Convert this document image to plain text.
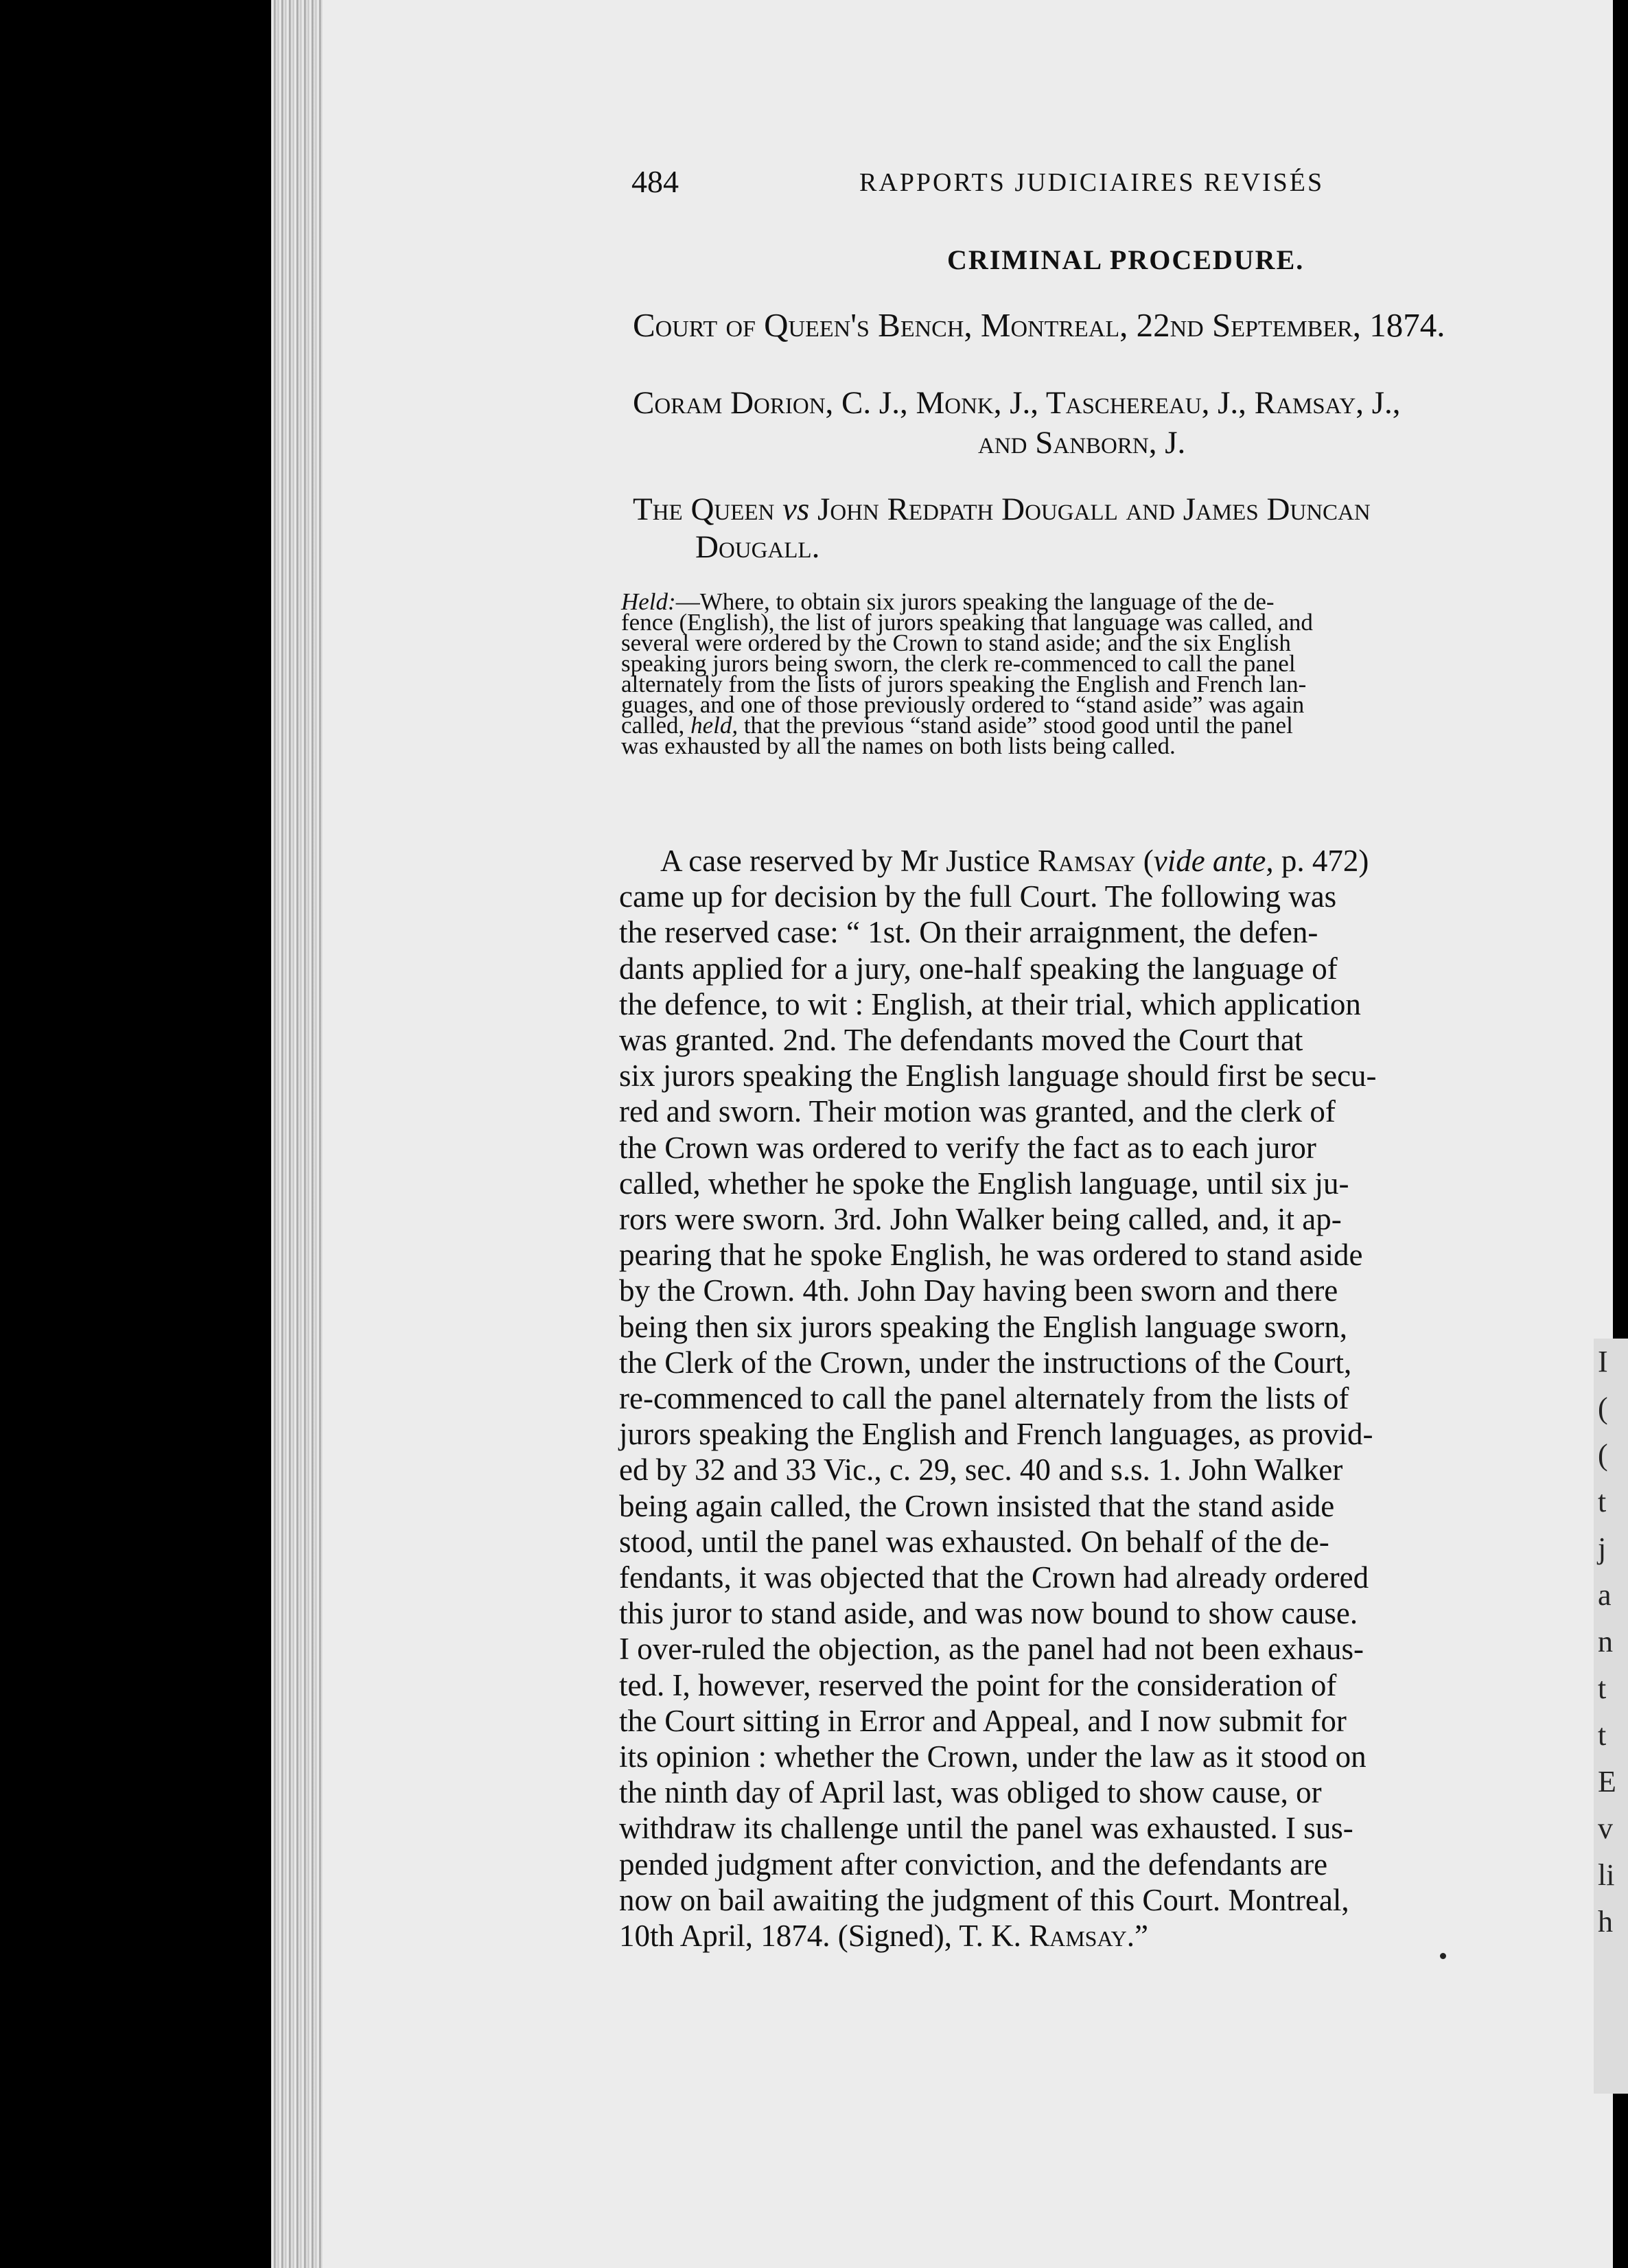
I
(
(
t
j
a
n
t
t
E
v
li
h
484	RAPPORTS JUDICIAIRES REVISÉS
CRIMINAL PROCEDURE.
Court of Queen's Bench, Montreal, 22nd September, 1874.
Coram Dorion, C. J., Monk, J., Taschereau, J., Ramsay, J.,
and Sanborn, J.
The Queen vs John Redpath Dougall and James Duncan
Dougall.
Held:—Where, to obtain six jurors speaking the language of the de-
fence (English), the list of jurors speaking that language was called, and
several were ordered by the Crown to stand aside; and the six English
speaking jurors being sworn, the clerk re-commenced to call the panel
alternately from the lists of jurors speaking the English and French lan-
guages, and one of those previously ordered to “stand aside” was again
called, held, that the previous “stand aside” stood good until the panel
was exhausted by all the names on both lists being called.
A case reserved by Mr Justice Ramsay (vide ante, p. 472)
came up for decision by the full Court. The following was
the reserved case: “ 1st. On their arraignment, the defen-
dants applied for a jury, one-half speaking the language of
the defence, to wit : English, at their trial, which application
was granted. 2nd. The defendants moved the Court that
six jurors speaking the English language should first be secu-
red and sworn. Their motion was granted, and the clerk of
the Crown was ordered to verify the fact as to each juror
called, whether he spoke the English language, until six ju-
rors were sworn. 3rd. John Walker being called, and, it ap-
pearing that he spoke English, he was ordered to stand aside
by the Crown. 4th. John Day having been sworn and there
being then six jurors speaking the English language sworn,
the Clerk of the Crown, under the instructions of the Court,
re-commenced to call the panel alternately from the lists of
jurors speaking the English and French languages, as provid-
ed by 32 and 33 Vic., c. 29, sec. 40 and s.s. 1. John Walker
being again called, the Crown insisted that the stand aside
stood, until the panel was exhausted. On behalf of the de-
fendants, it was objected that the Crown had already ordered
this juror to stand aside, and was now bound to show cause.
I over-ruled the objection, as the panel had not been exhaus-
ted. I, however, reserved the point for the consideration of
the Court sitting in Error and Appeal, and I now submit for
its opinion : whether the Crown, under the law as it stood on
the ninth day of April last, was obliged to show cause, or
withdraw its challenge until the panel was exhausted. I sus-
pended judgment after conviction, and the defendants are
now on bail awaiting the judgment of this Court. Montreal,
10th April, 1874. (Signed), T. K. Ramsay.”
